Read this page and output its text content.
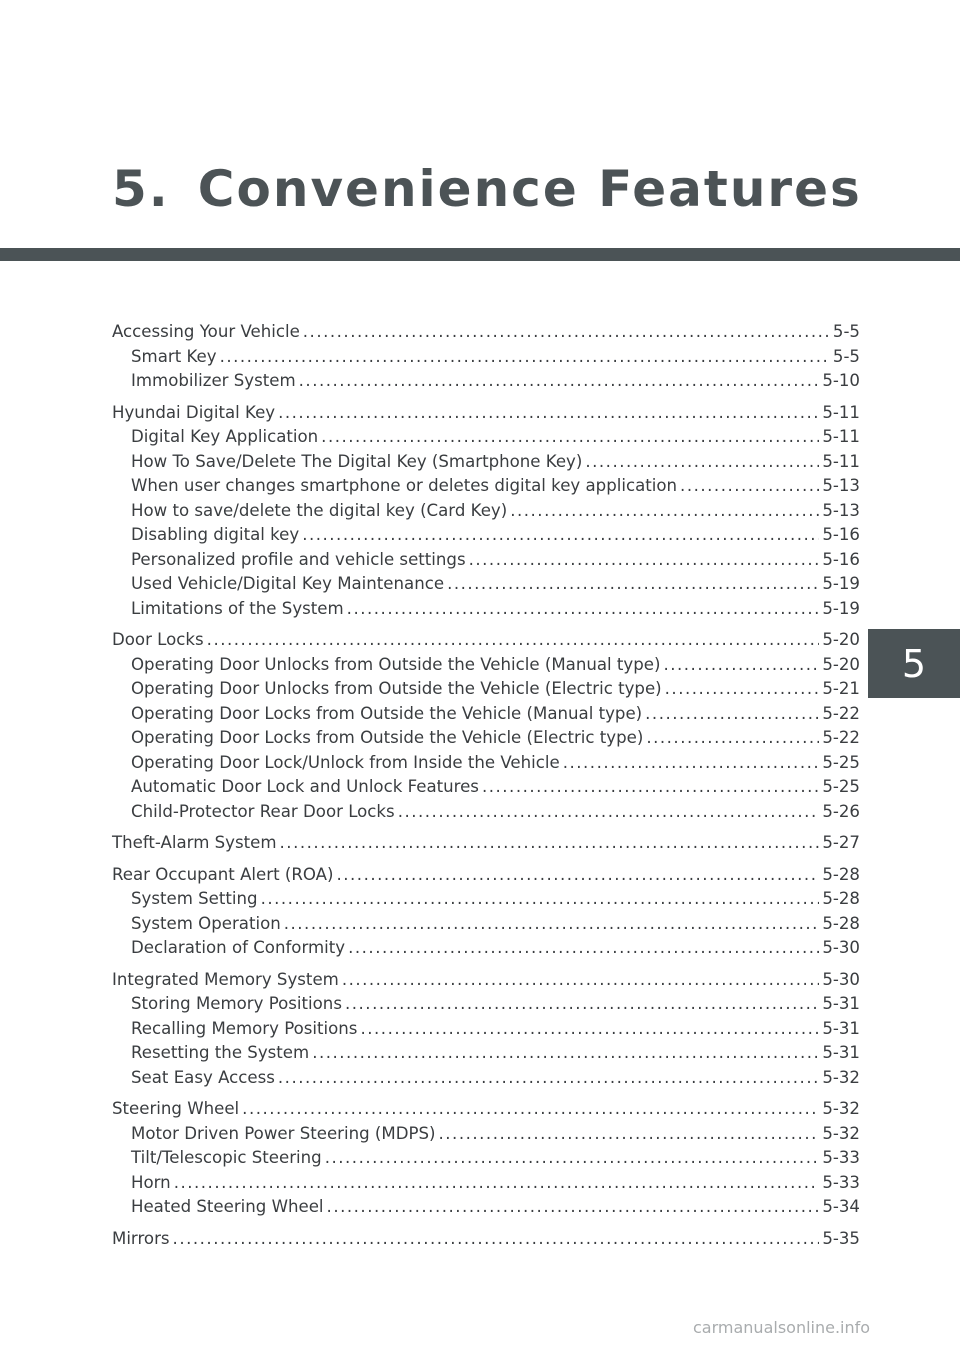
5. Convenience Features
5
Accessing Your Vehicle .....	5-5
Smart Key .....	5-5
Immobilizer System .....	5-10
Hyundai Digital Key .....	5-11
Digital Key Application .....	5-11
How To Save/Delete The Digital Key (Smartphone Key) .....	5-11
When user changes smartphone or deletes digital key application .....	5-13
How to save/delete the digital key (Card Key) .....	5-13
Disabling digital key .....	5-16
Personalized profile and vehicle settings .....	5-16
Used Vehicle/Digital Key Maintenance .....	5-19
Limitations of the System .....	5-19
Door Locks .....	5-20
Operating Door Unlocks from Outside the Vehicle (Manual type) .....	5-20
Operating Door Unlocks from Outside the Vehicle (Electric type) .....	5-21
Operating Door Locks from Outside the Vehicle (Manual type) .....	5-22
Operating Door Locks from Outside the Vehicle (Electric type) .....	5-22
Operating Door Lock/Unlock from Inside the Vehicle .....	5-25
Automatic Door Lock and Unlock Features .....	5-25
Child-Protector Rear Door Locks .....	5-26
Theft-Alarm System .....	5-27
Rear Occupant Alert (ROA) .....	5-28
System Setting .....	5-28
System Operation .....	5-28
Declaration of Conformity .....	5-30
Integrated Memory System .....	5-30
Storing Memory Positions .....	5-31
Recalling Memory Positions .....	5-31
Resetting the System .....	5-31
Seat Easy Access .....	5-32
Steering Wheel .....	5-32
Motor Driven Power Steering (MDPS) .....	5-32
Tilt/Telescopic Steering .....	5-33
Horn .....	5-33
Heated Steering Wheel .....	5-34
Mirrors .....	5-35
carmanualsonline.info
